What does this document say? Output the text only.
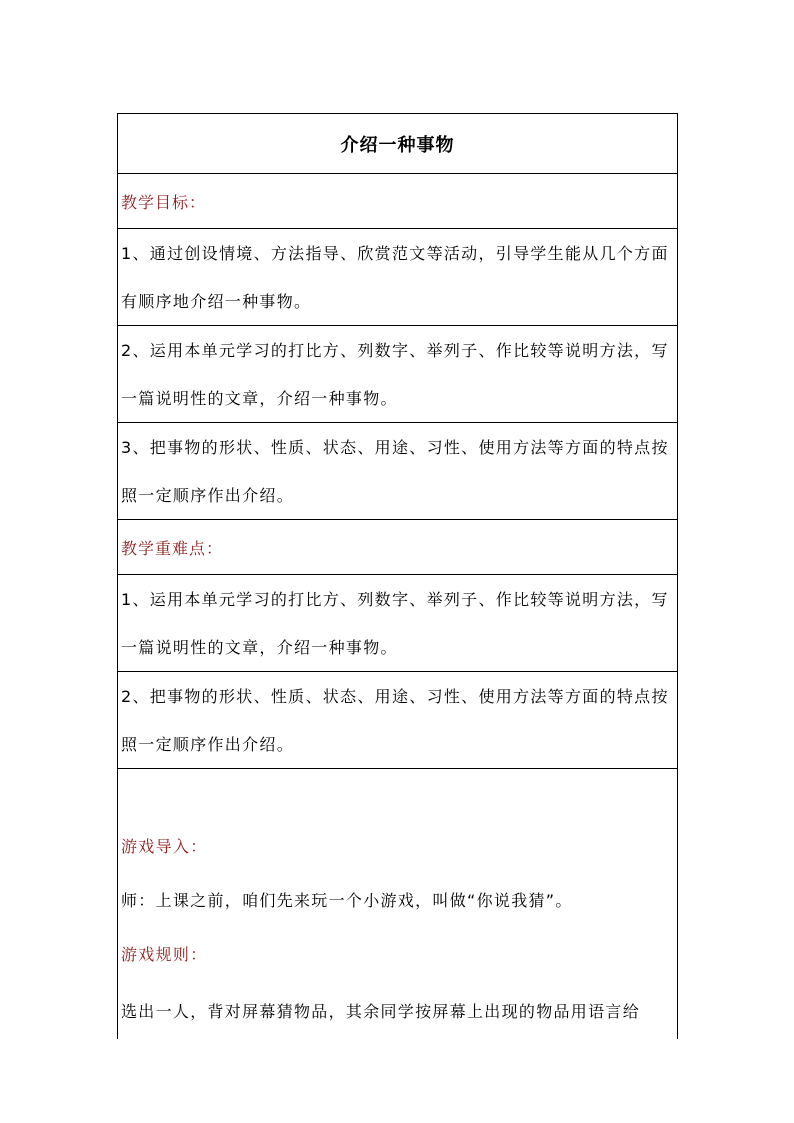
介绍一种事物
教学目标：
1、通过创设情境、方法指导、欣赏范文等活动，引导学生能从几个方面有顺序地介绍一种事物。
2、运用本单元学习的打比方、列数字、举列子、作比较等说明方法，写一篇说明性的文章，介绍一种事物。
3、把事物的形状、性质、状态、用途、习性、使用方法等方面的特点按照一定顺序作出介绍。
教学重难点：
1、运用本单元学习的打比方、列数字、举列子、作比较等说明方法，写一篇说明性的文章，介绍一种事物。
2、把事物的形状、性质、状态、用途、习性、使用方法等方面的特点按照一定顺序作出介绍。

游戏导入：

师：上课之前，咱们先来玩一个小游戏，叫做“你说我猜”。

游戏规则：

选出一人，背对屏幕猜物品，其余同学按屏幕上出现的物品用语言给
